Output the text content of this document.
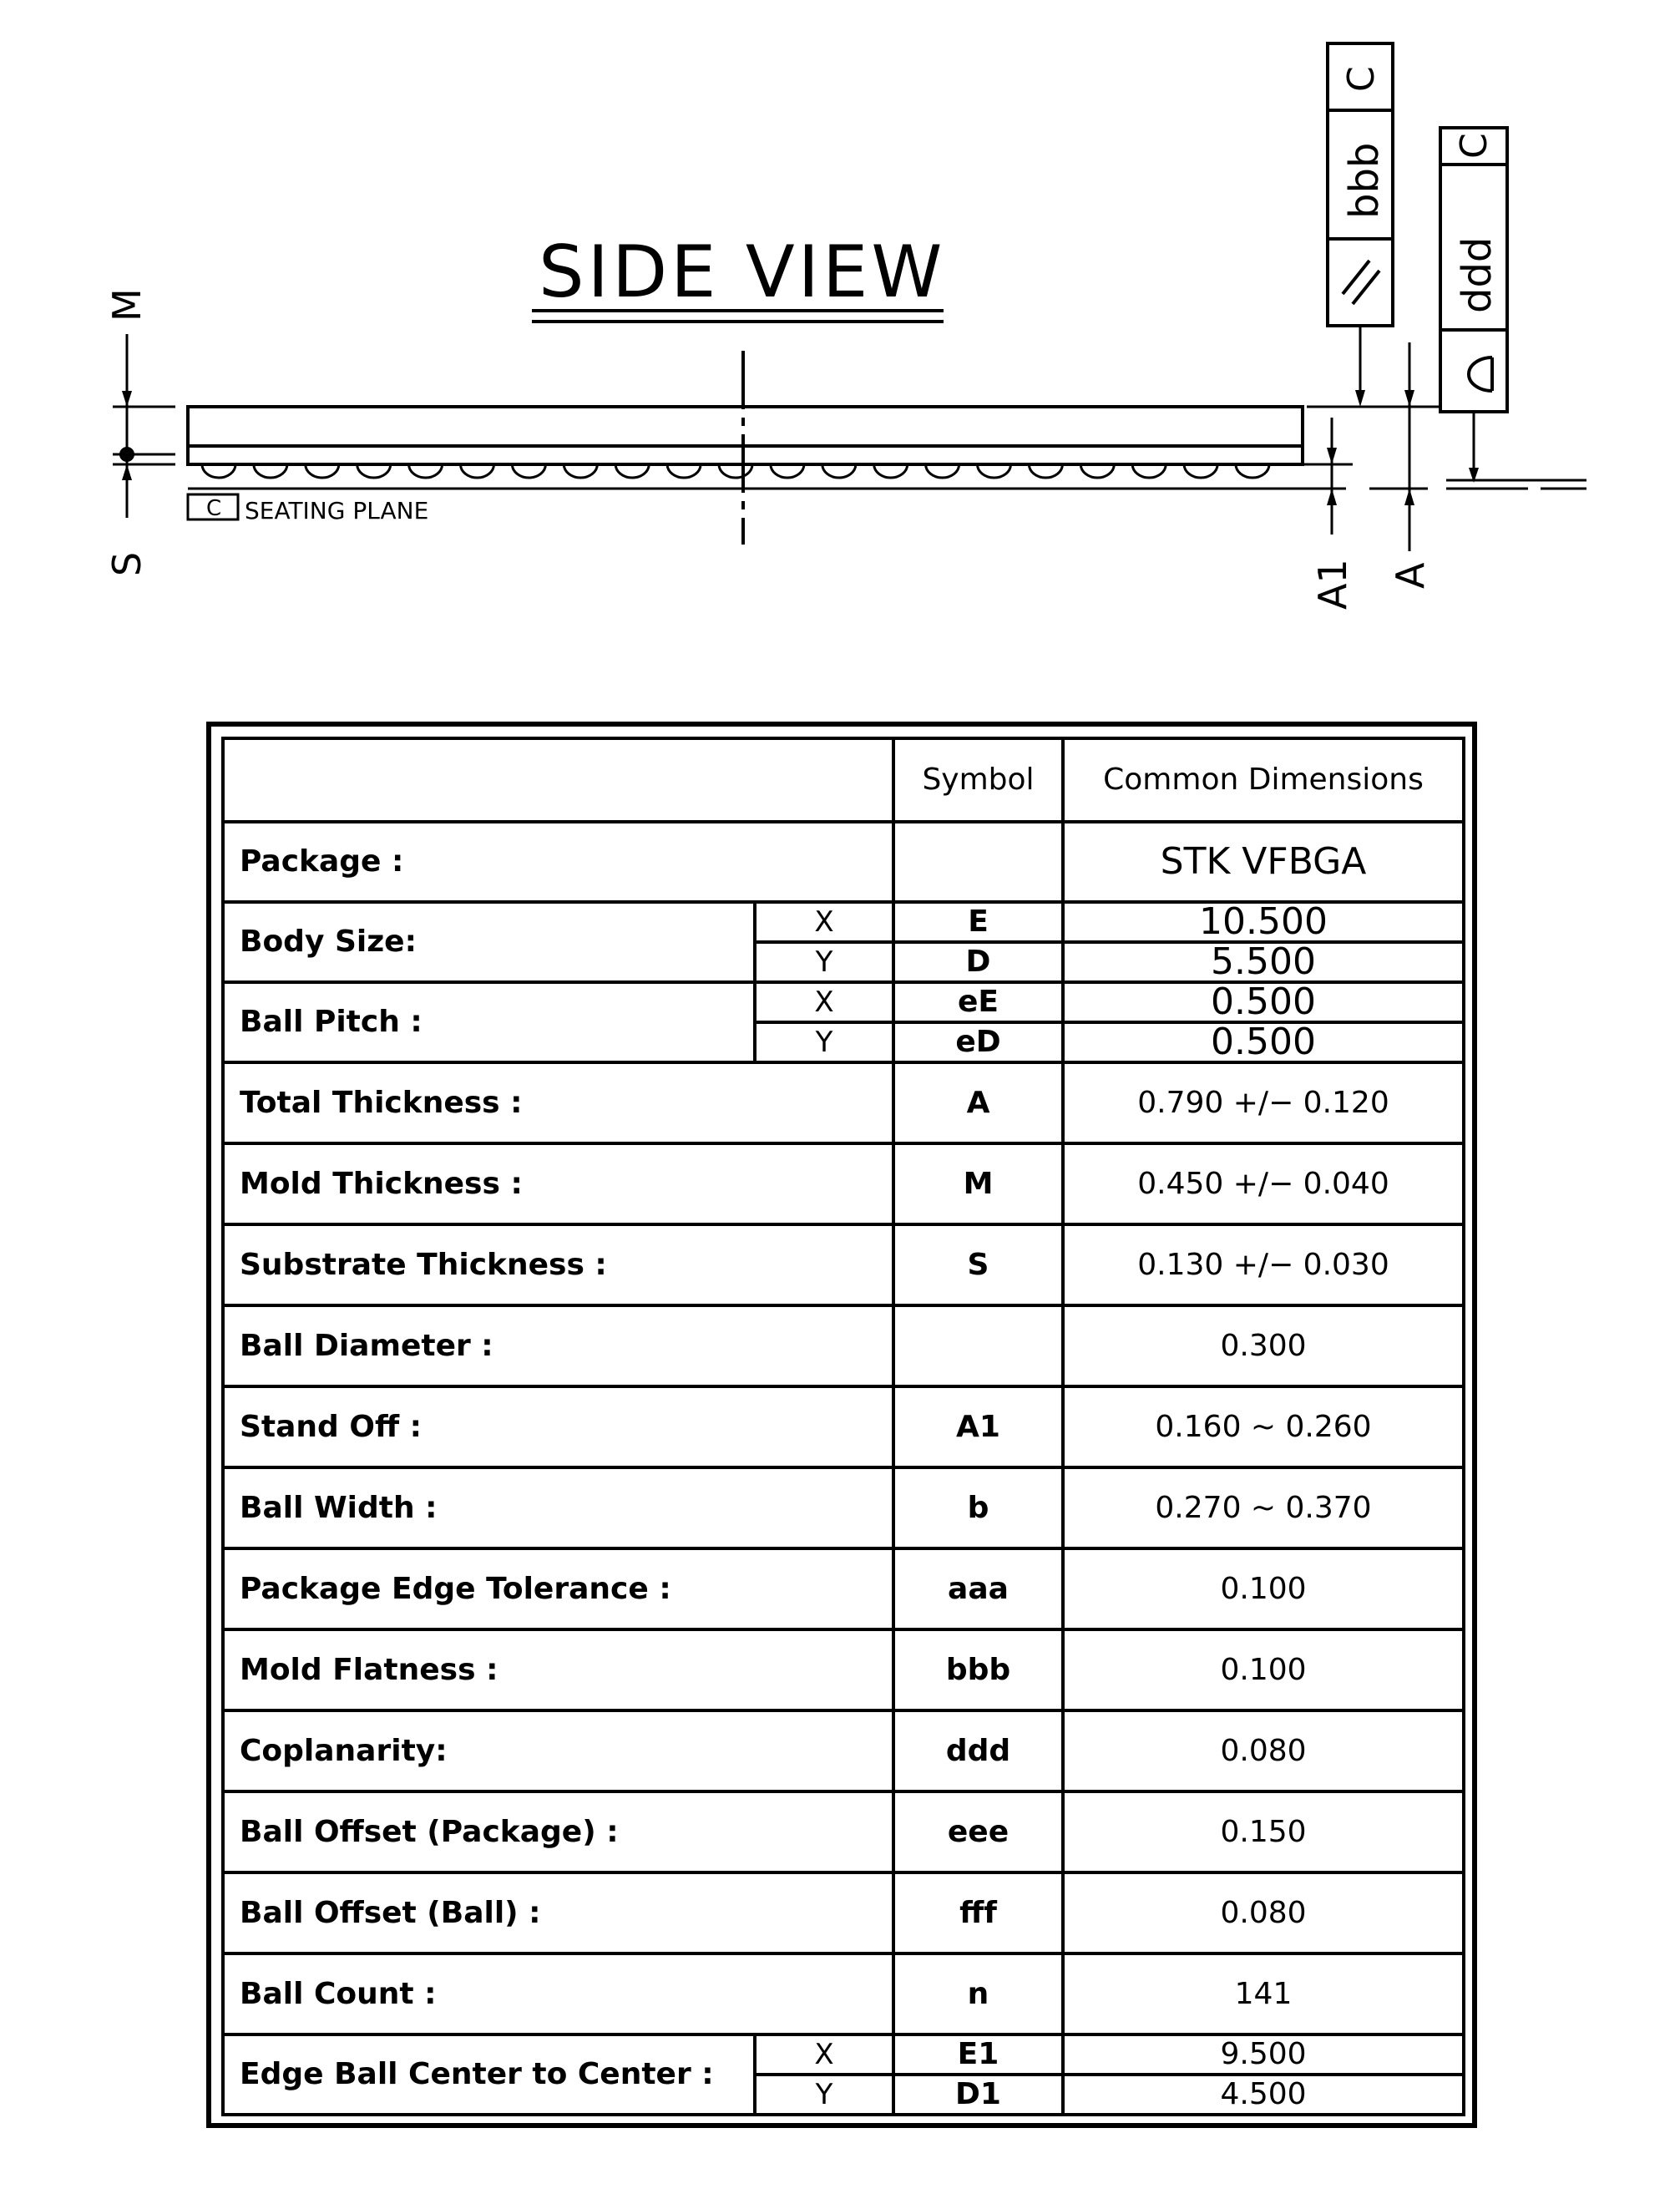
SIDE VIEW
C SEATING PLANE
M
S	A1 A
C
bbb C
ddd
		Symbol	Common Dimensions
Package :			STK VFBGA
Body Size:	X	E	10.500
	Y	D	5.500
Ball Pitch :	X	eE	0.500
	Y	eD	0.500
Total Thickness :		A	0.790 +/− 0.120
Mold Thickness :		M	0.450 +/− 0.040
Substrate Thickness :		S	0.130 +/− 0.030
Ball Diameter :			0.300
Stand Off :		A1	0.160 ~ 0.260
Ball Width :		b	0.270 ~ 0.370
Package Edge Tolerance :		aaa	0.100
Mold Flatness :		bbb	0.100
Coplanarity:		ddd	0.080
Ball Offset (Package) :		eee	0.150
Ball Offset (Ball) :		fff	0.080
Ball Count :		n	141
Edge Ball Center to Center :	X	E1	9.500
	Y	D1	4.500
